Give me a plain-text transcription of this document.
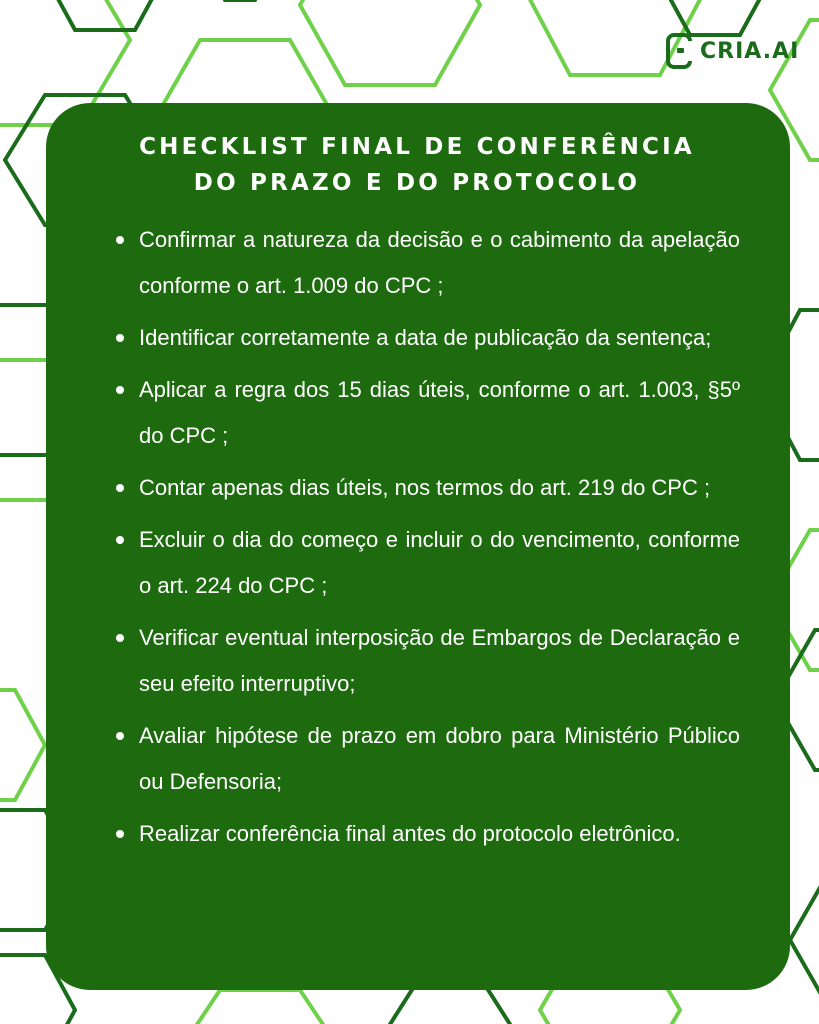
CRIA.AI
CHECKLIST FINAL DE CONFERÊNCIA
DO PRAZO E DO PROTOCOLO
Confirmar a natureza da decisão e o cabimento da apelação conforme o art. 1.009 do CPC ;
Identificar corretamente a data de publicação da sentença;
Aplicar a regra dos 15 dias úteis, conforme o art. 1.003, §5º do CPC ;
Contar apenas dias úteis, nos termos do art. 219 do CPC ;
Excluir o dia do começo e incluir o do vencimento, conforme o art. 224 do CPC ;
Verificar eventual interposição de Embargos de Declaração e seu efeito interruptivo;
Avaliar hipótese de prazo em dobro para Ministério Público ou Defensoria;
Realizar conferência final antes do protocolo eletrônico.
